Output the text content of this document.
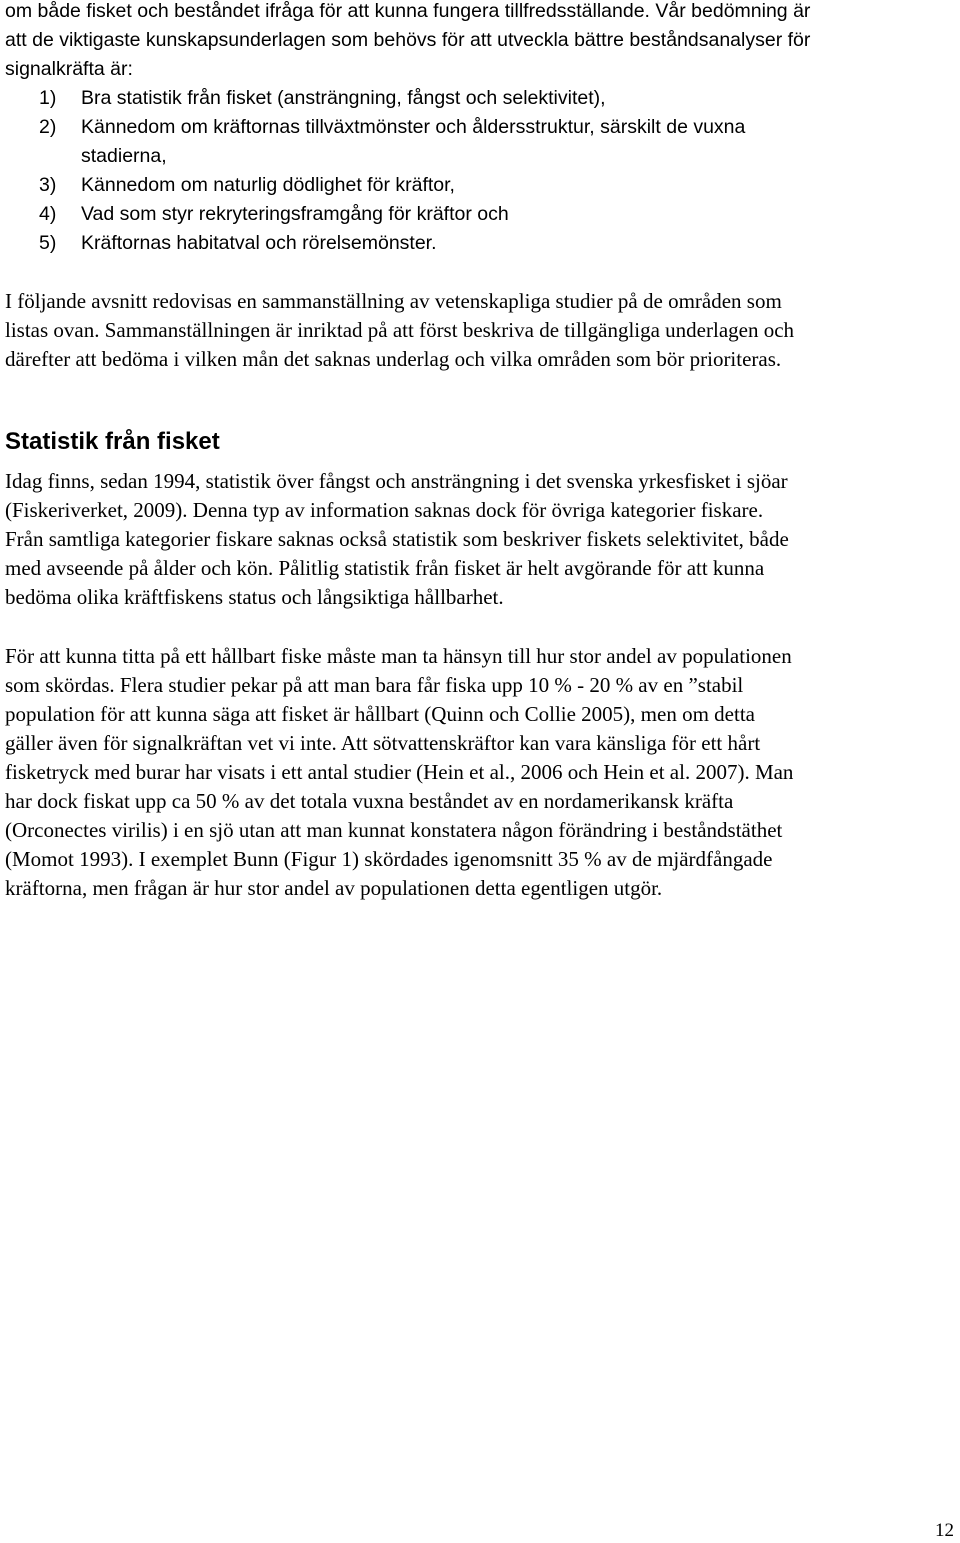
om både fisket och beståndet ifråga för att kunna fungera tillfredsställande. Vår bedömning är
att de viktigaste kunskapsunderlagen som behövs för att utveckla bättre beståndsanalyser för
signalkräfta är:
1) Bra statistik från fisket (ansträngning, fångst och selektivitet),
2) Kännedom om kräftornas tillväxtmönster och åldersstruktur, särskilt de vuxna
stadierna,
3) Kännedom om naturlig dödlighet för kräftor,
4) Vad som styr rekryteringsframgång för kräftor och
5) Kräftornas habitatval och rörelsemönster.
I följande avsnitt redovisas en sammanställning av vetenskapliga studier på de områden som
listas ovan. Sammanställningen är inriktad på att först beskriva de tillgängliga underlagen och
därefter att bedöma i vilken mån det saknas underlag och vilka områden som bör prioriteras.
Statistik från fisket
Idag finns, sedan 1994, statistik över fångst och ansträngning i det svenska yrkesfisket i sjöar
(Fiskeriverket, 2009). Denna typ av information saknas dock för övriga kategorier fiskare.
Från samtliga kategorier fiskare saknas också statistik som beskriver fiskets selektivitet, både
med avseende på ålder och kön. Pålitlig statistik från fisket är helt avgörande för att kunna
bedöma olika kräftfiskens status och långsiktiga hållbarhet.
För att kunna titta på ett hållbart fiske måste man ta hänsyn till hur stor andel av populationen
som skördas. Flera studier pekar på att man bara får fiska upp 10 % - 20 % av en ”stabil
population för att kunna säga att fisket är hållbart (Quinn och Collie 2005), men om detta
gäller även för signalkräftan vet vi inte. Att sötvattenskräftor kan vara känsliga för ett hårt
fisketryck med burar har visats i ett antal studier (Hein et al., 2006 och Hein et al. 2007). Man
har dock fiskat upp ca 50 % av det totala vuxna beståndet av en nordamerikansk kräfta
(Orconectes virilis) i en sjö utan att man kunnat konstatera någon förändring i beståndstäthet
(Momot 1993). I exemplet Bunn (Figur 1) skördades igenomsnitt 35 % av de mjärdfångade
kräftorna, men frågan är hur stor andel av populationen detta egentligen utgör.
12
